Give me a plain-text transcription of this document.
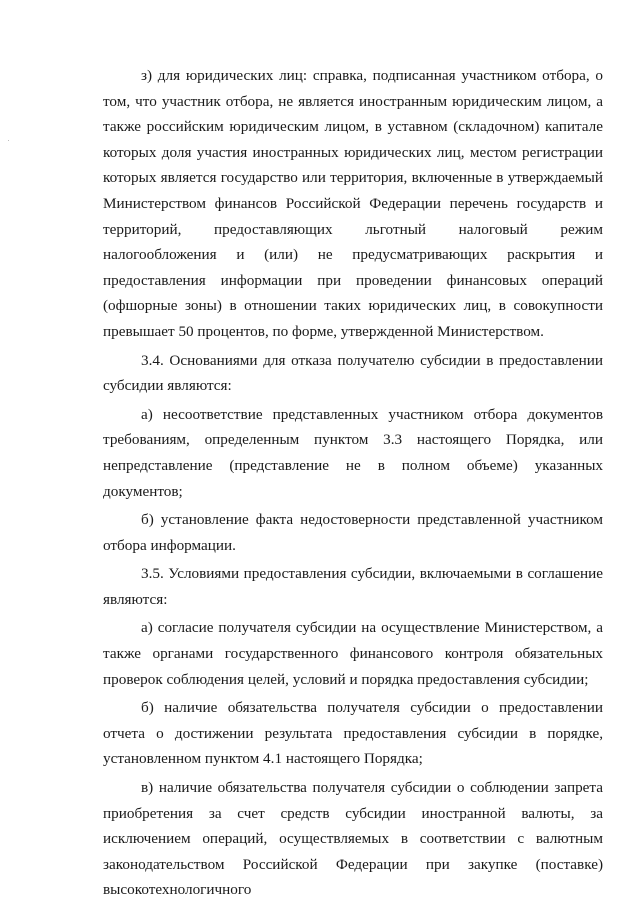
з) для юридических лиц: справка, подписанная участником отбора, о том, что участник отбора, не является иностранным юридическим лицом, а также российским юридическим лицом, в уставном (складочном) капитале которых доля участия иностранных юридических лиц, местом регистрации которых является государство или территория, включенные в утверждаемый Министерством финансов Российской Федерации перечень государств и территорий, предоставляющих льготный налоговый режим налогообложения и (или) не предусматривающих раскрытия и предоставления информации при проведении финансовых операций (офшорные зоны) в отношении таких юридических лиц, в совокупности превышает 50 процентов, по форме, утвержденной Министерством.

3.4. Основаниями для отказа получателю субсидии в предоставлении субсидии являются:

а) несоответствие представленных участником отбора документов требованиям, определенным пунктом 3.3 настоящего Порядка, или непредставление (представление не в полном объеме) указанных документов;

б) установление факта недостоверности представленной участником отбора информации.

3.5. Условиями предоставления субсидии, включаемыми в соглашение являются:

а) согласие получателя субсидии на осуществление Министерством, а также органами государственного финансового контроля обязательных проверок соблюдения целей, условий и порядка предоставления субсидии;

б) наличие обязательства получателя субсидии о предоставлении отчета о достижении результата предоставления субсидии в порядке, установленном пунктом 4.1 настоящего Порядка;

в) наличие обязательства получателя субсидии о соблюдении запрета приобретения за счет средств субсидии иностранной валюты, за исключением операций, осуществляемых в соответствии с валютным законодательством Российской Федерации при закупке (поставке) высокотехнологичного
